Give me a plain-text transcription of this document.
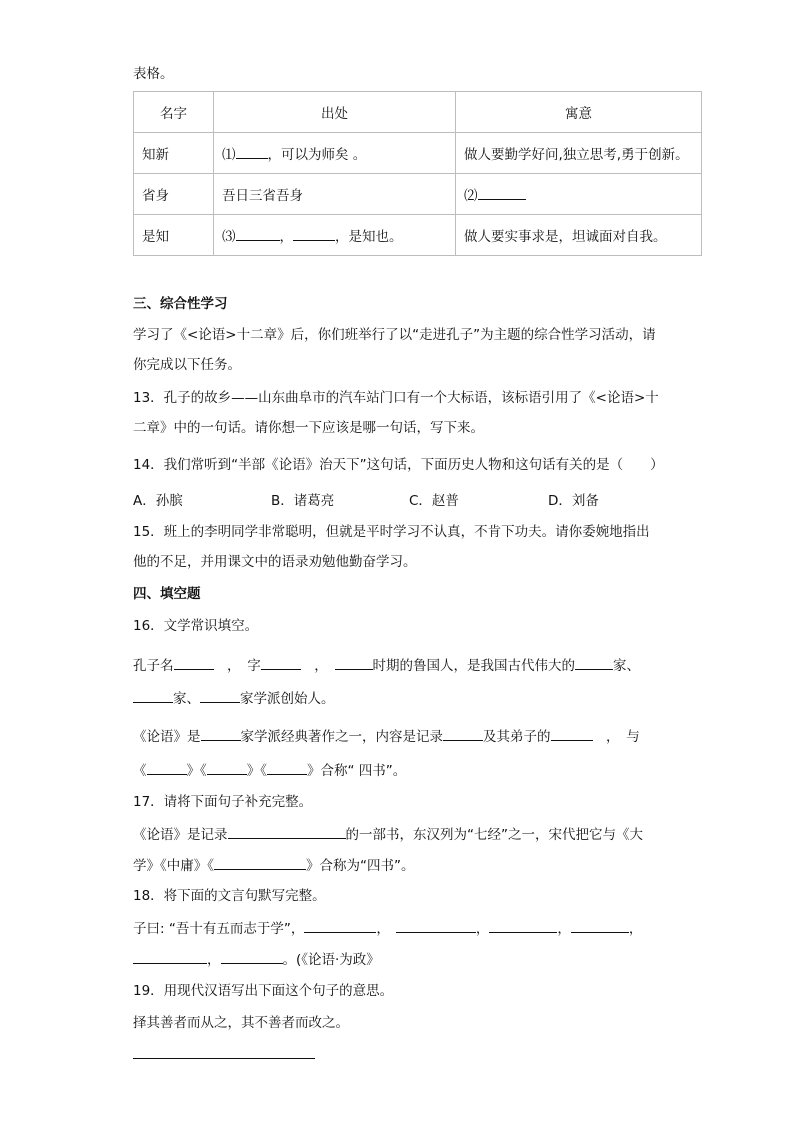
表格。
名字	出处	寓意
知新	⑴ ，可以为师矣 。	做人要勤学好问,独立思考,勇于创新。
省身	吾日三省吾身	⑵
是知	⑶ ， ，是知也。	做人要实事求是，坦诚面对自我。
三、综合性学习
学习了《<论语>十二章》后，你们班举行了以“走进孔子”为主题的综合性学习活动，请
你完成以下任务。
13．孔子的故乡——山东曲阜市的汽车站门口有一个大标语，该标语引用了《<论语>十
二章》中的一句话。请你想一下应该是哪一句话，写下来。
14．我们常听到“半部《论语》治天下”这句话，下面历史人物和这句话有关的是（　　）
A．孙膑	B．诸葛亮	C．赵普	D．刘备
15．班上的李明同学非常聪明，但就是平时学习不认真，不肯下功夫。请你委婉地指出
他的不足，并用课文中的语录劝勉他勤奋学习。
四、填空题
16．文学常识填空。
孔子名	　，　字	　，　	时期的鲁国人，是我国古代伟大的	家、
家、	家学派创始人。
《论语》是	家学派经典著作之一，内容是记录	及其弟子的	　，　与
《	》《	》《	》合称“ 四书”。
17．请将下面句子补充完整。
《论语》是记录	的一部书，东汉列为“七经”之一，宋代把它与《大
学》《中庸》《	》合称为“四书”。
18．将下面的文言句默写完整。
子曰: “吾十有五而志于学”，	，	，	，	，
，	。(《论语·为政》
19．用现代汉语写出下面这个句子的意思。
择其善者而从之，其不善者而改之。
